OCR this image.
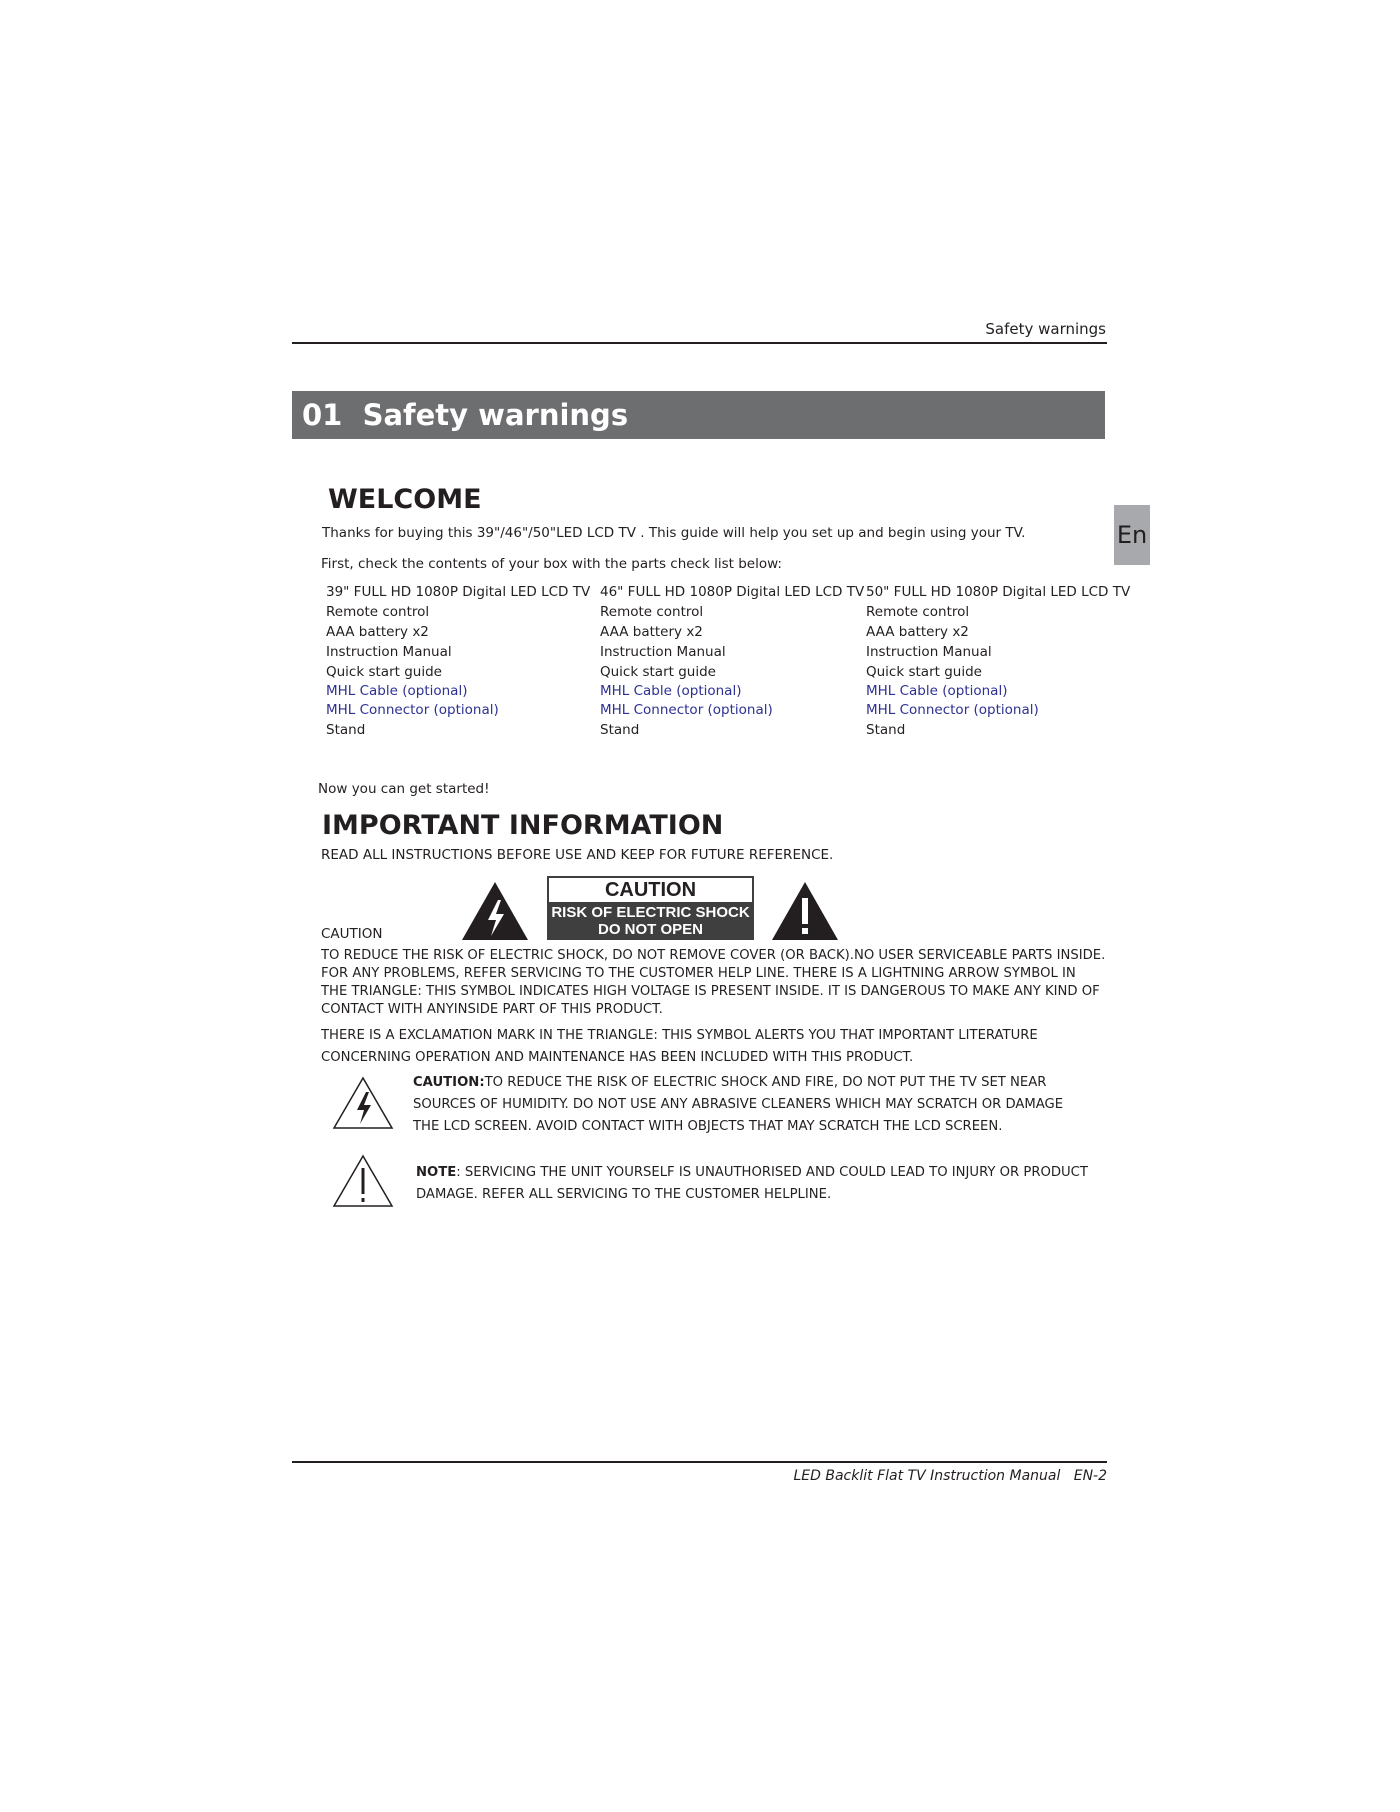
Safety warnings
01 Safety warnings
En
WELCOME
Thanks for buying this 39"/46"/50"LED LCD TV . This guide will help you set up and begin using your TV.
First, check the contents of your box with the parts check list below:
39" FULL HD 1080P Digital LED LCD TV
Remote control
AAA battery x2
Instruction Manual
Quick start guide
MHL Cable (optional)
MHL Connector (optional)
Stand
46" FULL HD 1080P Digital LED LCD TV
Remote control
AAA battery x2
Instruction Manual
Quick start guide
MHL Cable (optional)
MHL Connector (optional)
Stand
50" FULL HD 1080P Digital LED LCD TV
Remote control
AAA battery x2
Instruction Manual
Quick start guide
MHL Cable (optional)
MHL Connector (optional)
Stand
Now you can get started!
IMPORTANT INFORMATION
READ ALL INSTRUCTIONS BEFORE USE AND KEEP FOR FUTURE REFERENCE.
CAUTION
RISK OF ELECTRIC SHOCK
DO NOT OPEN
CAUTION
TO REDUCE THE RISK OF ELECTRIC SHOCK, DO NOT REMOVE COVER (OR BACK).NO USER SERVICEABLE PARTS INSIDE.
FOR ANY PROBLEMS, REFER SERVICING TO THE CUSTOMER HELP LINE. THERE IS A LIGHTNING ARROW SYMBOL IN
THE TRIANGLE: THIS SYMBOL INDICATES HIGH VOLTAGE IS PRESENT INSIDE. IT IS DANGEROUS TO MAKE ANY KIND OF
CONTACT WITH ANYINSIDE PART OF THIS PRODUCT.
THERE IS A EXCLAMATION MARK IN THE TRIANGLE: THIS SYMBOL ALERTS YOU THAT IMPORTANT LITERATURE
CONCERNING OPERATION AND MAINTENANCE HAS BEEN INCLUDED WITH THIS PRODUCT.
CAUTION:TO REDUCE THE RISK OF ELECTRIC SHOCK AND FIRE, DO NOT PUT THE TV SET NEAR
SOURCES OF HUMIDITY. DO NOT USE ANY ABRASIVE CLEANERS WHICH MAY SCRATCH OR DAMAGE
THE LCD SCREEN. AVOID CONTACT WITH OBJECTS THAT MAY SCRATCH THE LCD SCREEN.
NOTE: SERVICING THE UNIT YOURSELF IS UNAUTHORISED AND COULD LEAD TO INJURY OR PRODUCT
DAMAGE. REFER ALL SERVICING TO THE CUSTOMER HELPLINE.
LED Backlit Flat TV Instruction Manual EN-2
